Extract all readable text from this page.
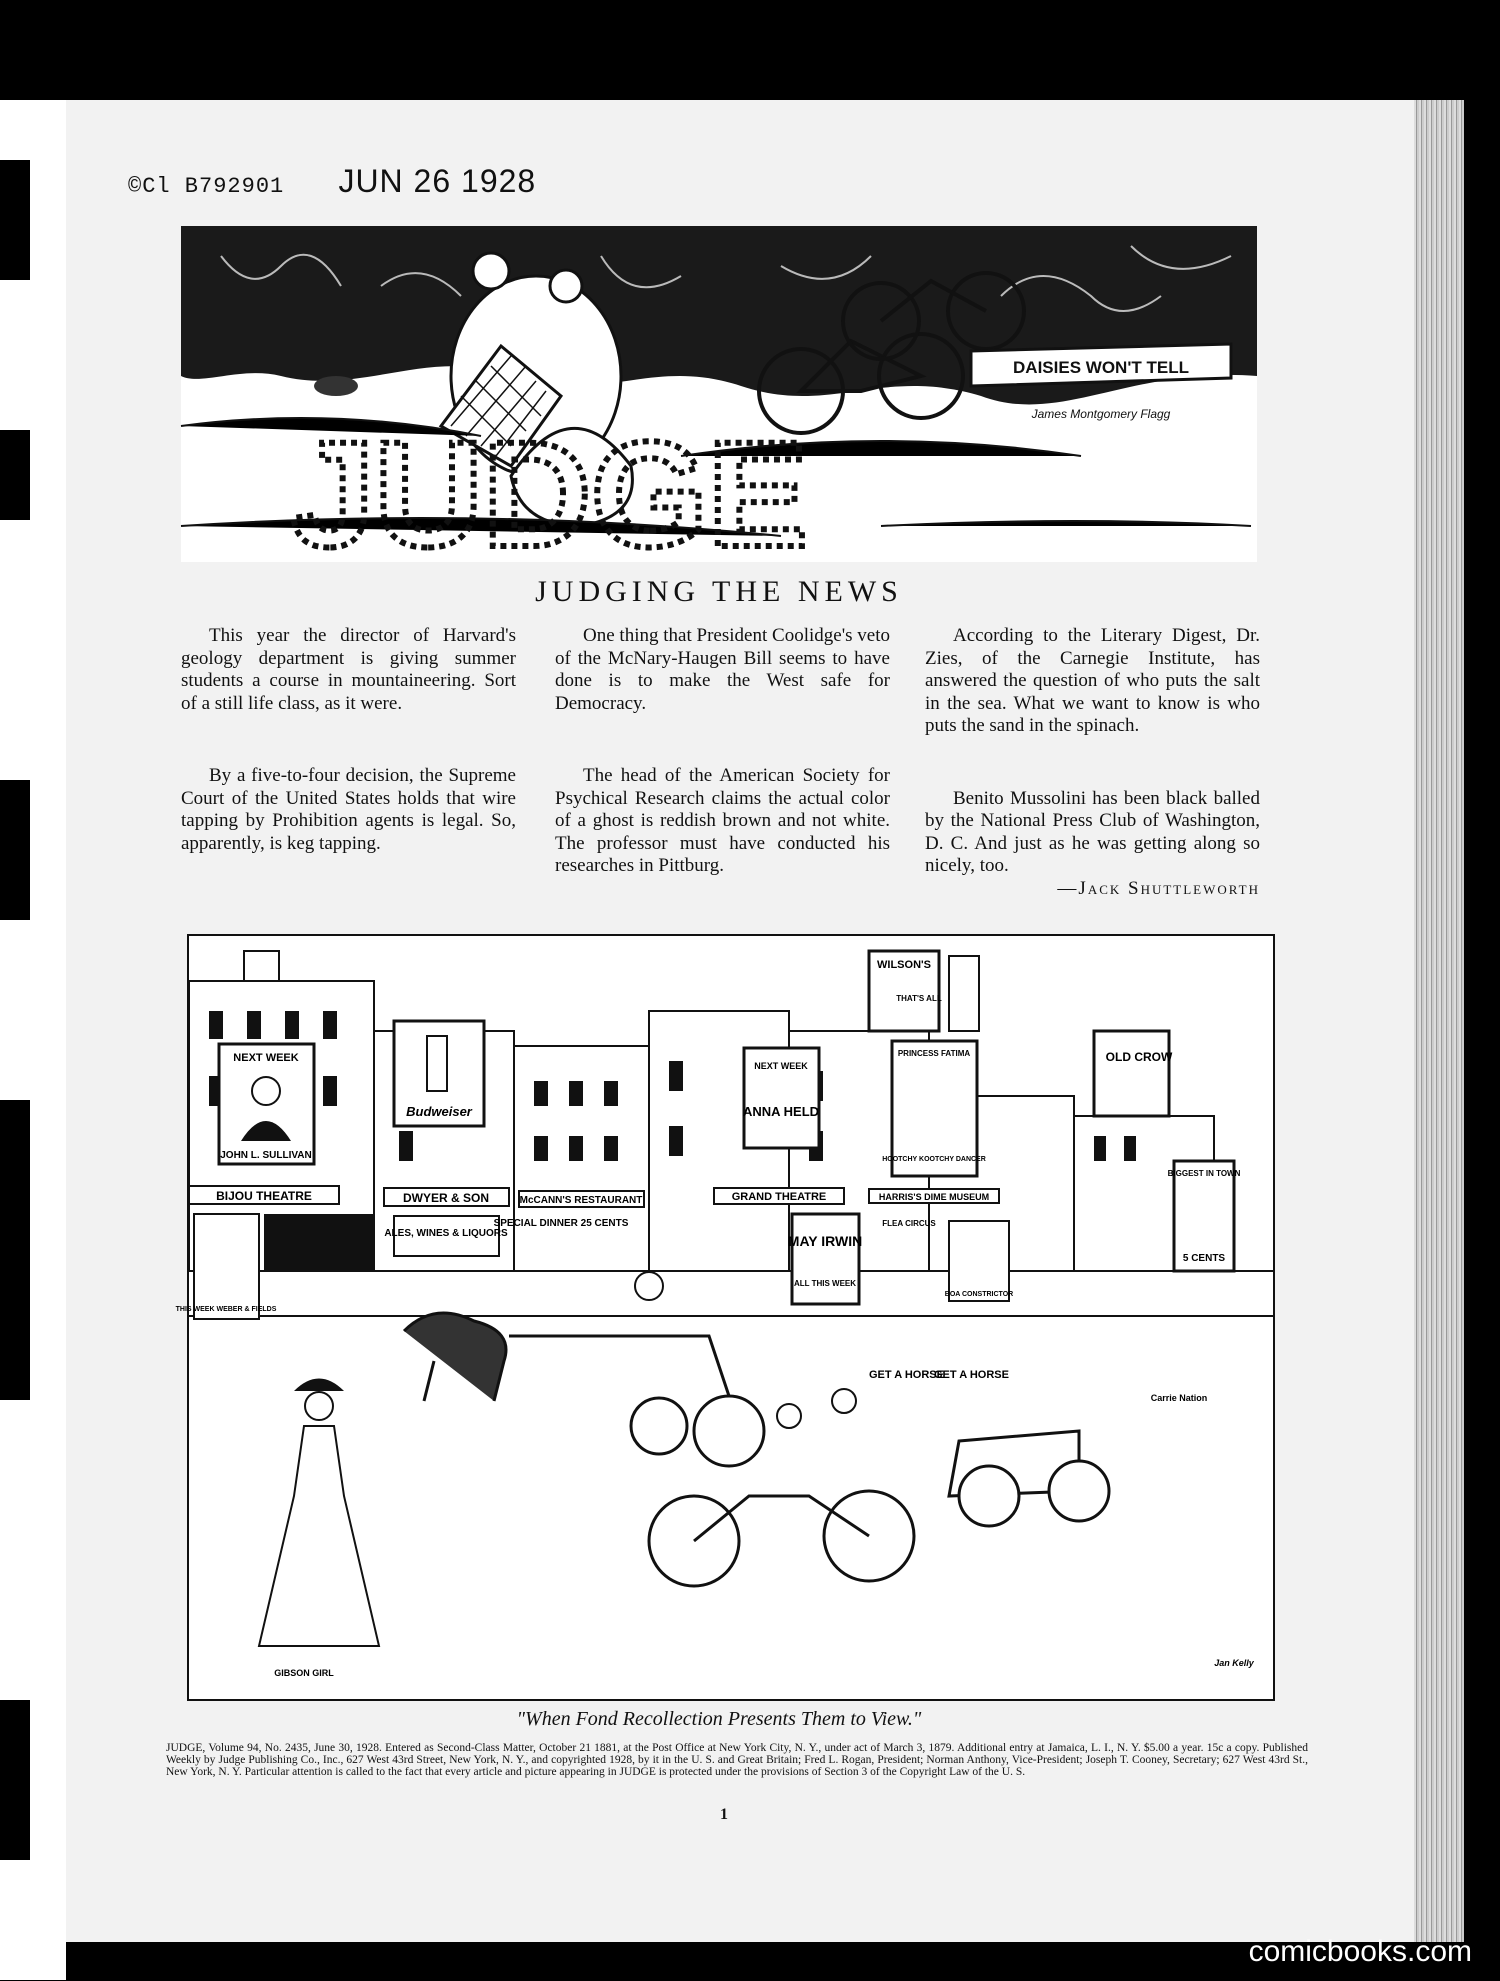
©Cl B792901 JUN 26 1928
JUDGE
DAISIES WON'T TELL
James Montgomery Flagg
JUDGING THE NEWS

This year the director of Harvard's geology department is giving summer students a course in mountaineering. Sort of a still life class, as it were.

By a five-to-four decision, the Supreme Court of the United States holds that wire tapping by Prohibition agents is legal. So, apparently, is keg tapping.

One thing that President Coolidge's veto of the McNary-Haugen Bill seems to have done is to make the West safe for Democracy.

The head of the American Society for Psychical Research claims the actual color of a ghost is reddish brown and not white. The professor must have conducted his researches in Pittburg.

According to the Literary Digest, Dr. Zies, of the Carnegie Institute, has answered the question of who puts the salt in the sea. What we want to know is who puts the sand in the spinach.

Benito Mussolini has been black balled by the National Press Club of Washington, D. C. And just as he was getting along so nicely, too.

—Jack Shuttleworth
NEXT WEEK
JOHN L. SULLIVAN
BIJOU THEATRE
THIS WEEK WEBER & FIELDS
Budweiser
DWYER & SON
ALES, WINES & LIQUORS
McCANN'S RESTAURANT
SPECIAL DINNER 25 CENTS
NEXT WEEK
ANNA HELD
GRAND THEATRE
MAY IRWIN
ALL THIS WEEK
WILSON'S
THAT'S ALL
PRINCESS FATIMA
HOOTCHY KOOTCHY DANCER
HARRIS'S DIME MUSEUM
FLEA CIRCUS
BOA CONSTRICTOR
OLD CROW
BIGGEST IN TOWN
5 CENTS
GET A HORSE
GET A HORSE
Carrie Nation
GIBSON GIRL
Jan Kelly
"When Fond Recollection Presents Them to View."
JUDGE, Volume 94, No. 2435, June 30, 1928. Entered as Second-Class Matter, October 21 1881, at the Post Office at New York City, N. Y., under act of March 3, 1879. Additional entry at Jamaica, L. I., N. Y. $5.00 a year. 15c a copy. Published Weekly by Judge Publishing Co., Inc., 627 West 43rd Street, New York, N. Y., and copyrighted 1928, by it in the U. S. and Great Britain; Fred L. Rogan, President; Norman Anthony, Vice-President; Joseph T. Cooney, Secretary; 627 West 43rd St., New York, N. Y. Particular attention is called to the fact that every article and picture appearing in JUDGE is protected under the provisions of Section 3 of the Copyright Law of the U. S.
1
comicbooks.com
